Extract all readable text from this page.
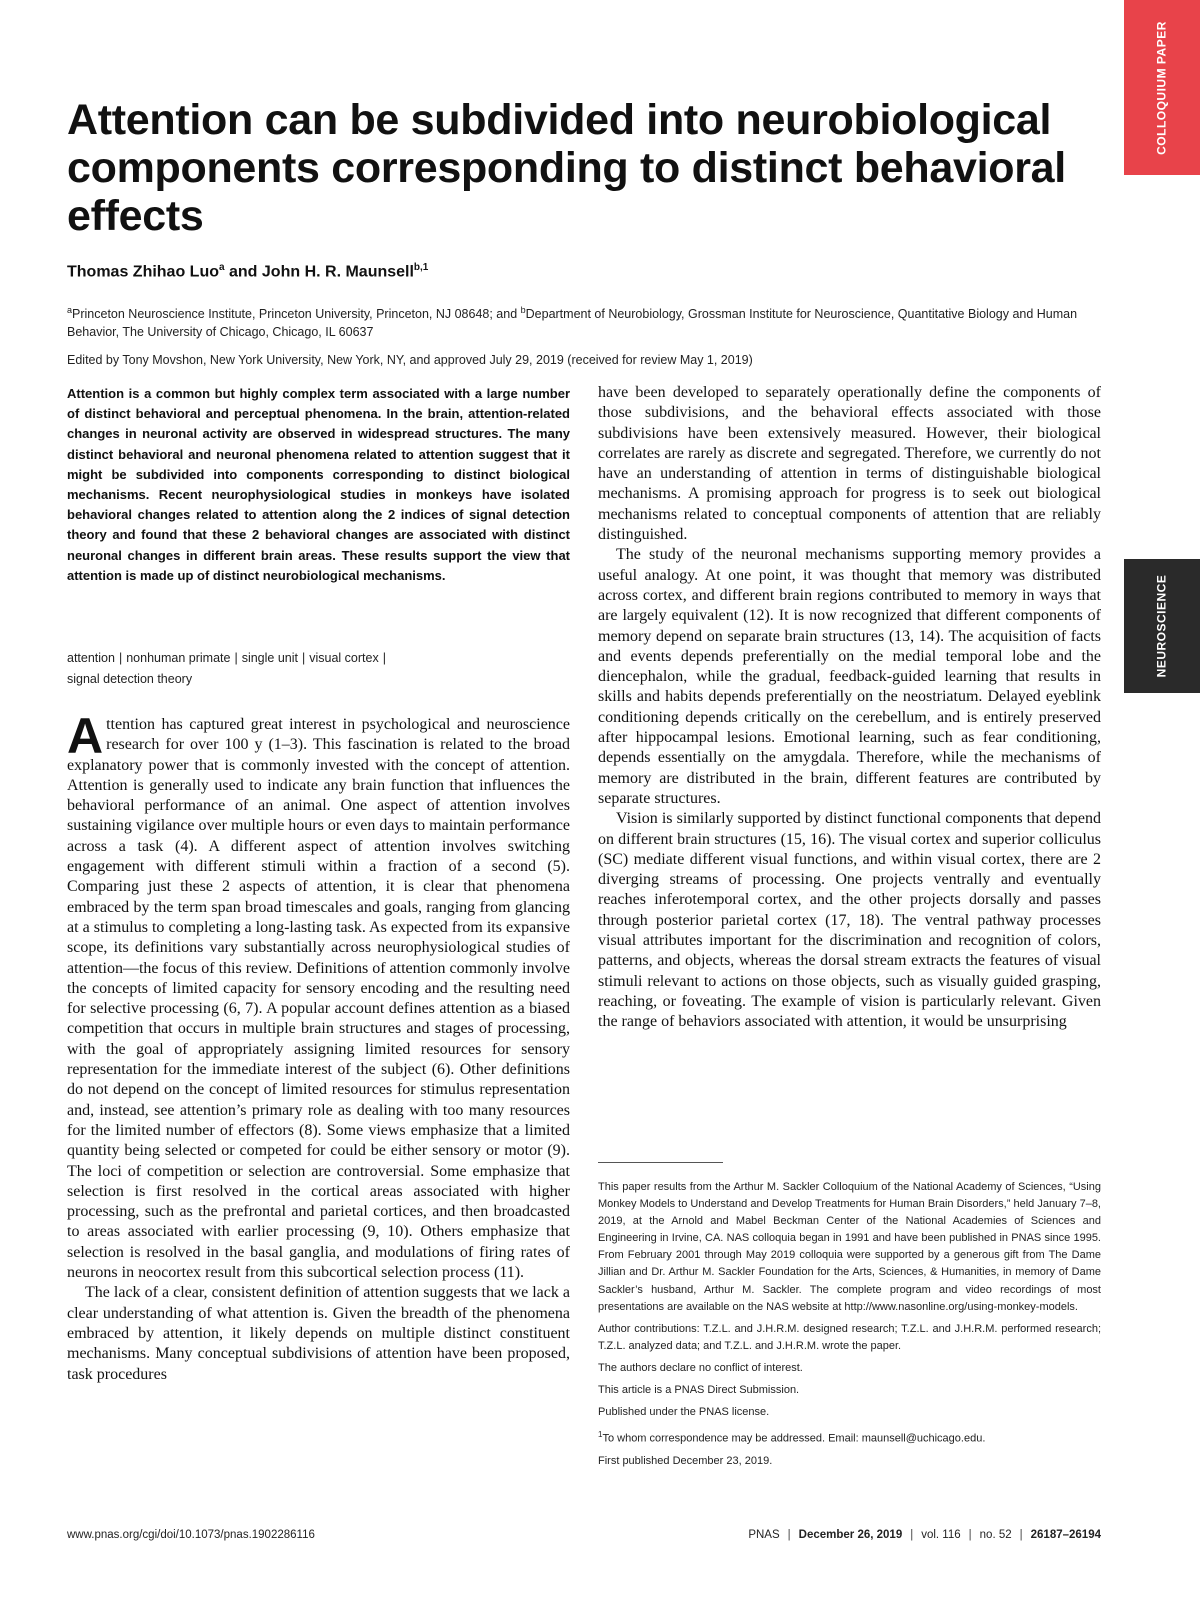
COLLOQUIUM PAPER
NEUROSCIENCE
Attention can be subdivided into neurobiological components corresponding to distinct behavioral effects
Thomas Zhihao Luo$^a$ and John H. R. Maunsell$^{b,1}$
$^a$Princeton Neuroscience Institute, Princeton University, Princeton, NJ 08648; and $^b$Department of Neurobiology, Grossman Institute for Neuroscience, Quantitative Biology and Human Behavior, The University of Chicago, Chicago, IL 60637
Edited by Tony Movshon, New York University, New York, NY, and approved July 29, 2019 (received for review May 1, 2019)

Attention is a common but highly complex term associated with a large number of distinct behavioral and perceptual phenomena. In the brain, attention-related changes in neuronal activity are observed in widespread structures. The many distinct behavioral and neuronal phenomena related to attention suggest that it might be subdivided into components corresponding to distinct biological mechanisms. Recent neurophysiological studies in monkeys have isolated behavioral changes related to attention along the 2 indices of signal detection theory and found that these 2 behavioral changes are associated with distinct neuronal changes in different brain areas. These results support the view that attention is made up of distinct neurobiological mechanisms.

attention | nonhuman primate | single unit | visual cortex |
signal detection theory

Attention has captured great interest in psychological and neuroscience research for over 100 y (1–3). This fascination is related to the broad explanatory power that is commonly invested with the concept of attention. Attention is generally used to indicate any brain function that influences the behavioral performance of an animal. One aspect of attention involves sustaining vigilance over multiple hours or even days to maintain performance across a task (4). A different aspect of attention involves switching engagement with different stimuli within a fraction of a second (5). Comparing just these 2 aspects of attention, it is clear that phenomena embraced by the term span broad timescales and goals, ranging from glancing at a stimulus to completing a long-lasting task. As expected from its expansive scope, its definitions vary substantially across neurophysiological studies of attention—the focus of this review. Definitions of attention commonly involve the concepts of limited capacity for sensory encoding and the resulting need for selective processing (6, 7). A popular account defines attention as a biased competition that occurs in multiple brain structures and stages of processing, with the goal of appropriately assigning limited resources for sensory representation for the immediate interest of the subject (6). Other definitions do not depend on the concept of limited resources for stimulus representation and, instead, see attention’s primary role as dealing with too many resources for the limited number of effectors (8). Some views emphasize that a limited quantity being selected or competed for could be either sensory or motor (9). The loci of competition or selection are controversial. Some emphasize that selection is first resolved in the cortical areas associated with higher processing, such as the prefrontal and parietal cortices, and then broadcasted to areas associated with earlier processing (9, 10). Others emphasize that selection is resolved in the basal ganglia, and modulations of firing rates of neurons in neocortex result from this subcortical selection process (11).

The lack of a clear, consistent definition of attention suggests that we lack a clear understanding of what attention is. Given the breadth of the phenomena embraced by attention, it likely depends on multiple distinct constituent mechanisms. Many conceptual subdivisions of attention have been proposed, task procedures

have been developed to separately operationally define the components of those subdivisions, and the behavioral effects associated with those subdivisions have been extensively measured. However, their biological correlates are rarely as discrete and segregated. Therefore, we currently do not have an understanding of attention in terms of distinguishable biological mechanisms. A promising approach for progress is to seek out biological mechanisms related to conceptual components of attention that are reliably distinguished.

The study of the neuronal mechanisms supporting memory provides a useful analogy. At one point, it was thought that memory was distributed across cortex, and different brain regions contributed to memory in ways that are largely equivalent (12). It is now recognized that different components of memory depend on separate brain structures (13, 14). The acquisition of facts and events depends preferentially on the medial temporal lobe and the diencephalon, while the gradual, feedback-guided learning that results in skills and habits depends preferentially on the neostriatum. Delayed eyeblink conditioning depends critically on the cerebellum, and is entirely preserved after hippocampal lesions. Emotional learning, such as fear conditioning, depends essentially on the amygdala. Therefore, while the mechanisms of memory are distributed in the brain, different features are contributed by separate structures.

Vision is similarly supported by distinct functional components that depend on different brain structures (15, 16). The visual cortex and superior colliculus (SC) mediate different visual functions, and within visual cortex, there are 2 diverging streams of processing. One projects ventrally and eventually reaches inferotemporal cortex, and the other projects dorsally and passes through posterior parietal cortex (17, 18). The ventral pathway processes visual attributes important for the discrimination and recognition of colors, patterns, and objects, whereas the dorsal stream extracts the features of visual stimuli relevant to actions on those objects, such as visually guided grasping, reaching, or foveating. The example of vision is particularly relevant. Given the range of behaviors associated with attention, it would be unsurprising

This paper results from the Arthur M. Sackler Colloquium of the National Academy of Sciences, “Using Monkey Models to Understand and Develop Treatments for Human Brain Disorders,” held January 7–8, 2019, at the Arnold and Mabel Beckman Center of the National Academies of Sciences and Engineering in Irvine, CA. NAS colloquia began in 1991 and have been published in PNAS since 1995. From February 2001 through May 2019 colloquia were supported by a generous gift from The Dame Jillian and Dr. Arthur M. Sackler Foundation for the Arts, Sciences, & Humanities, in memory of Dame Sackler’s husband, Arthur M. Sackler. The complete program and video recordings of most presentations are available on the NAS website at http://www.nasonline.org/using-monkey-models.

Author contributions: T.Z.L. and J.H.R.M. designed research; T.Z.L. and J.H.R.M. performed research; T.Z.L. analyzed data; and T.Z.L. and J.H.R.M. wrote the paper.

The authors declare no conflict of interest.

This article is a PNAS Direct Submission.

Published under the PNAS license.

$^1$To whom correspondence may be addressed. Email: maunsell@uchicago.edu.

First published December 23, 2019.

www.pnas.org/cgi/doi/10.1073/pnas.1902286116	PNAS | December 26, 2019 | vol. 116 | no. 52 | 26187–26194
